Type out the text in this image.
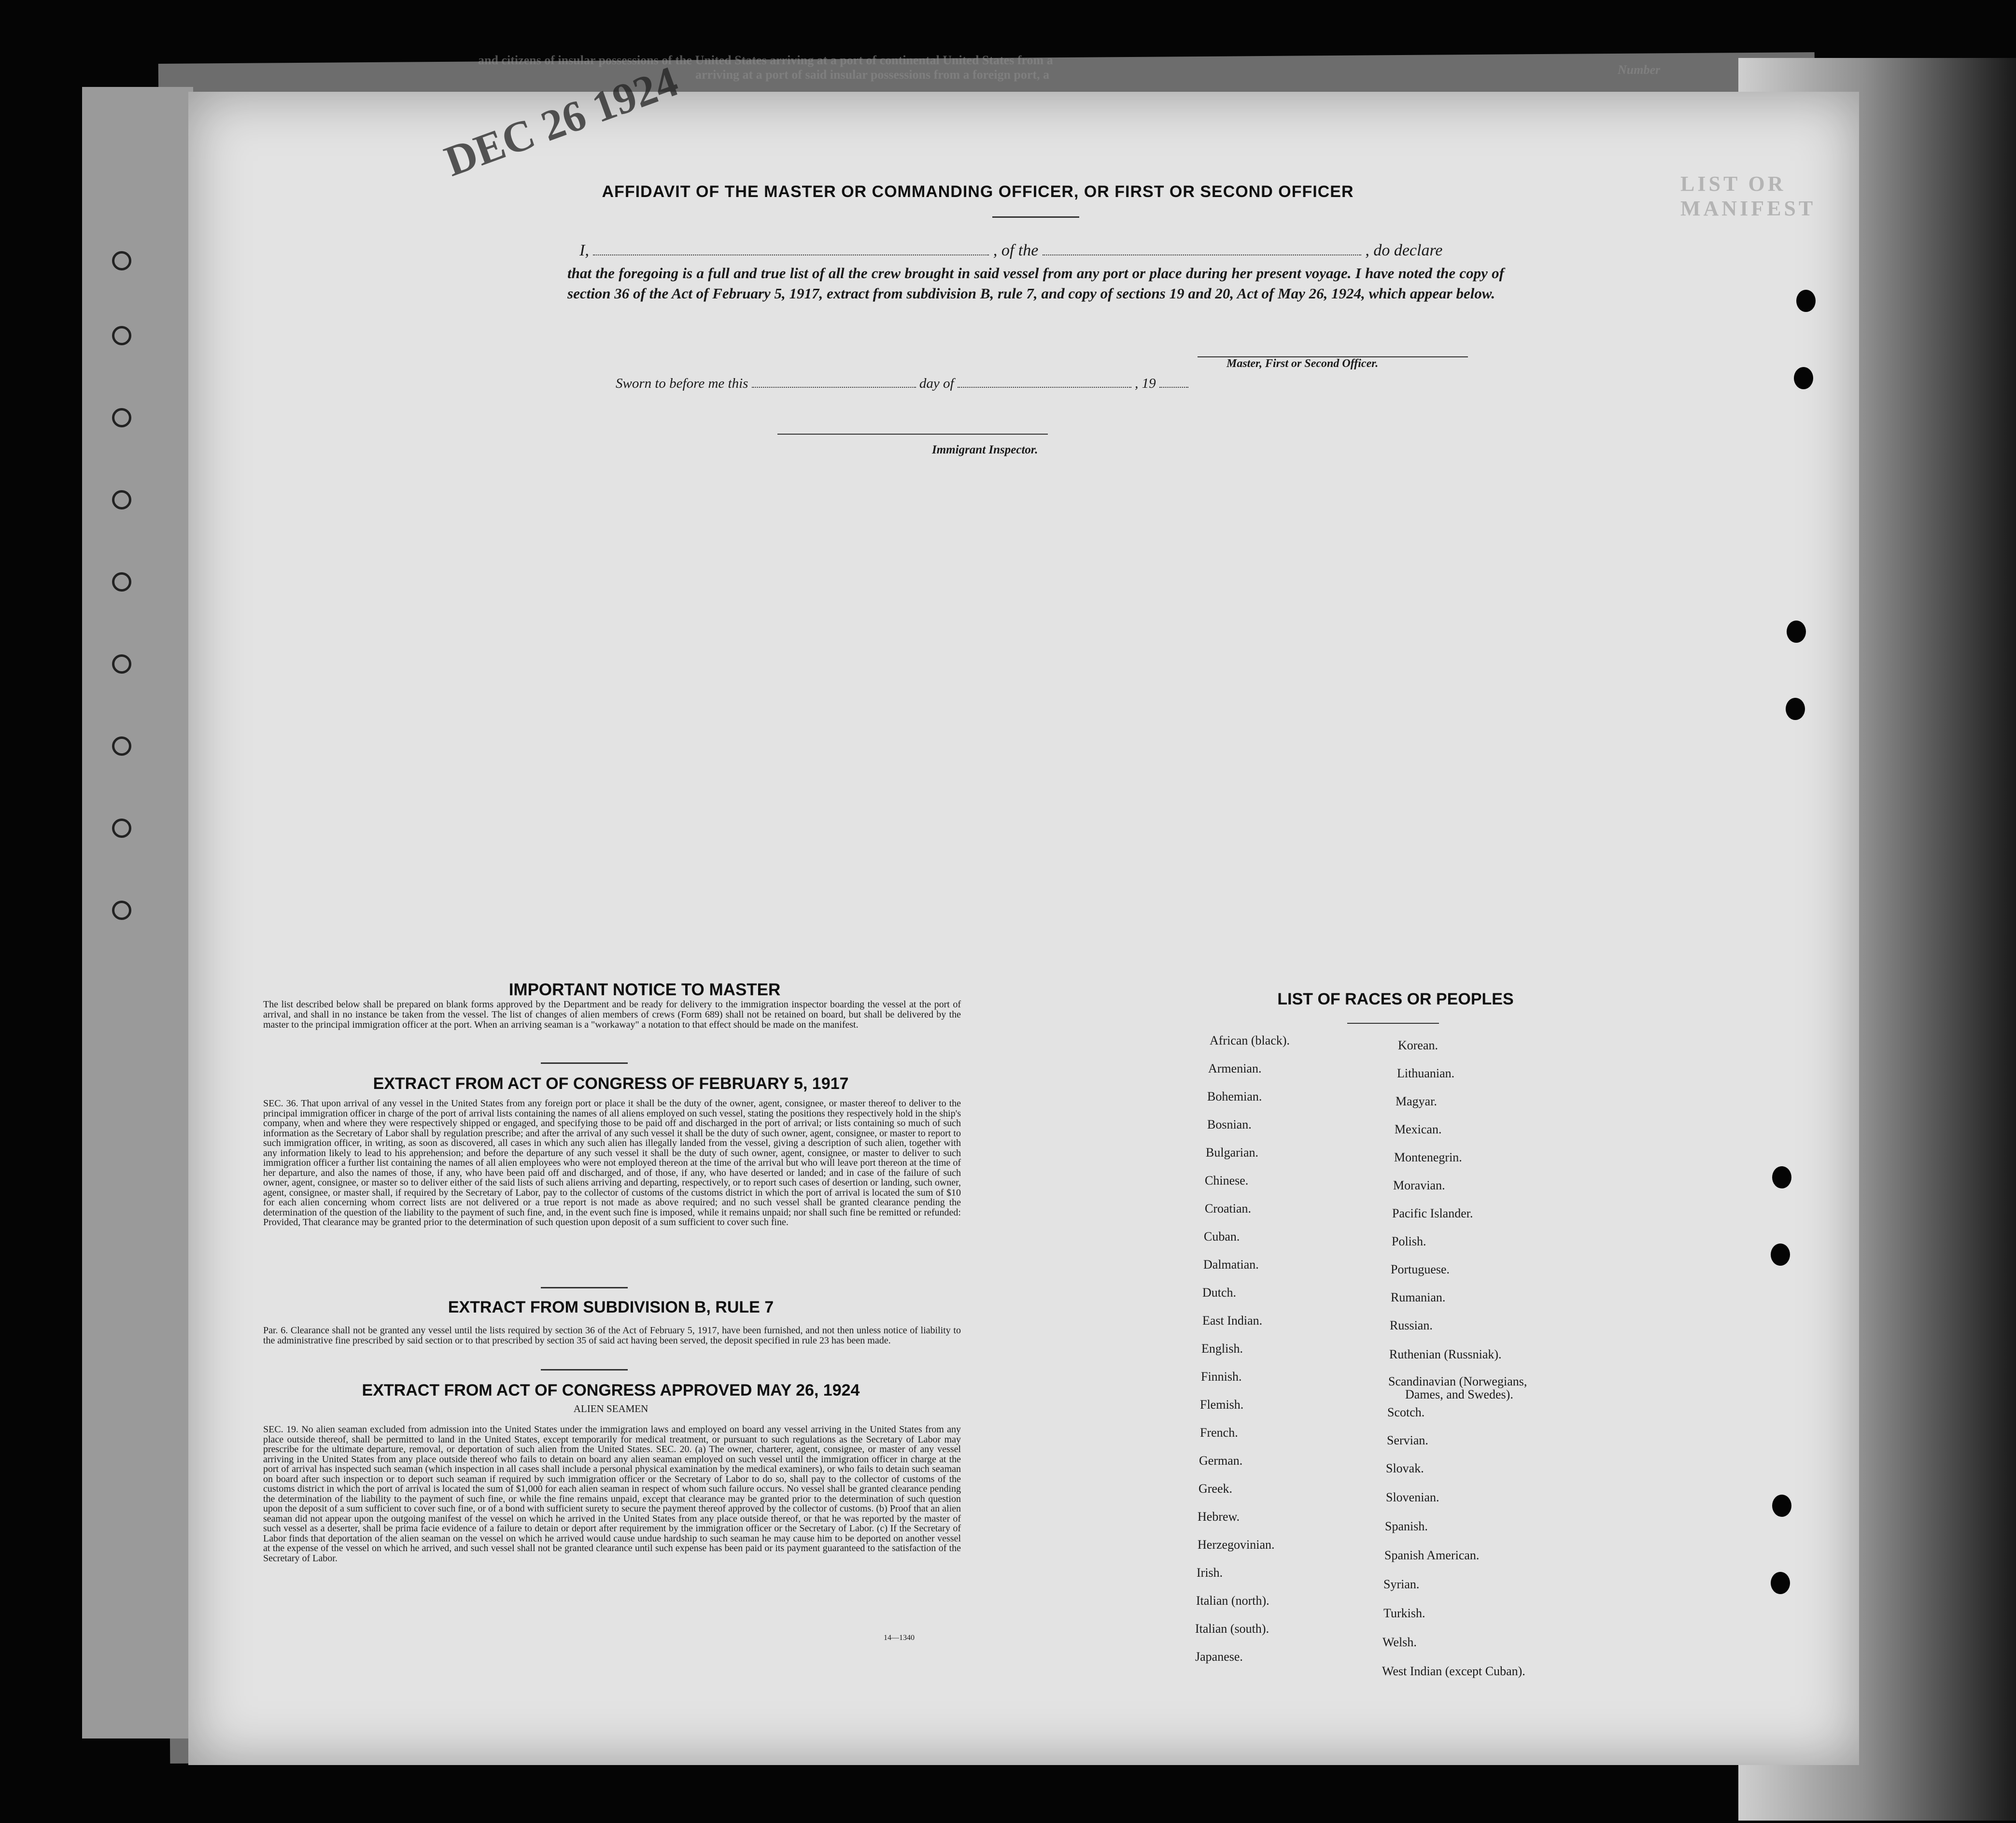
and citizens of insular possessions of the United States arriving at a port of continental United States from a
arriving at a port of said insular possessions from a foreign port, a	Number
LIST OR MANIFEST
DEC 26 1924
AFFIDAVIT OF THE MASTER OR COMMANDING OFFICER, OR FIRST OR SECOND OFFICER
I,	, of the	, do declare
that the foregoing is a full and true list of all the crew brought in said vessel from any port or place during her present voyage. I have noted the copy of section 36 of the Act of February 5, 1917, extract from subdivision B, rule 7, and copy of sections 19 and 20, Act of May 26, 1924, which appear below.
Master, First or Second Officer.
Sworn to before me this	day of	, 19
Immigrant Inspector.
IMPORTANT NOTICE TO MASTER
The list described below shall be prepared on blank forms approved by the Department and be ready for delivery to the immigration inspector boarding the vessel at the port of arrival, and shall in no instance be taken from the vessel. The list of changes of alien members of crews (Form 689) shall not be retained on board, but shall be delivered by the master to the principal immigration officer at the port. When an arriving seaman is a "workaway" a notation to that effect should be made on the manifest.
EXTRACT FROM ACT OF CONGRESS OF FEBRUARY 5, 1917
SEC. 36. That upon arrival of any vessel in the United States from any foreign port or place it shall be the duty of the owner, agent, consignee, or master thereof to deliver to the principal immigration officer in charge of the port of arrival lists containing the names of all aliens employed on such vessel, stating the positions they respectively hold in the ship's company, when and where they were respectively shipped or engaged, and specifying those to be paid off and discharged in the port of arrival; or lists containing so much of such information as the Secretary of Labor shall by regulation prescribe; and after the arrival of any such vessel it shall be the duty of such owner, agent, consignee, or master to report to such immigration officer, in writing, as soon as discovered, all cases in which any such alien has illegally landed from the vessel, giving a description of such alien, together with any information likely to lead to his apprehension; and before the departure of any such vessel it shall be the duty of such owner, agent, consignee, or master to deliver to such immigration officer a further list containing the names of all alien employees who were not employed thereon at the time of the arrival but who will leave port thereon at the time of her departure, and also the names of those, if any, who have been paid off and discharged, and of those, if any, who have deserted or landed; and in case of the failure of such owner, agent, consignee, or master so to deliver either of the said lists of such aliens arriving and departing, respectively, or to report such cases of desertion or landing, such owner, agent, consignee, or master shall, if required by the Secretary of Labor, pay to the collector of customs of the customs district in which the port of arrival is located the sum of $10 for each alien concerning whom correct lists are not delivered or a true report is not made as above required; and no such vessel shall be granted clearance pending the determination of the question of the liability to the payment of such fine, and, in the event such fine is imposed, while it remains unpaid; nor shall such fine be remitted or refunded: Provided, That clearance may be granted prior to the determination of such question upon deposit of a sum sufficient to cover such fine.
EXTRACT FROM SUBDIVISION B, RULE 7
Par. 6. Clearance shall not be granted any vessel until the lists required by section 36 of the Act of February 5, 1917, have been furnished, and not then unless notice of liability to the administrative fine prescribed by said section or to that prescribed by section 35 of said act having been served, the deposit specified in rule 23 has been made.
EXTRACT FROM ACT OF CONGRESS APPROVED MAY 26, 1924
ALIEN SEAMEN
SEC. 19. No alien seaman excluded from admission into the United States under the immigration laws and employed on board any vessel arriving in the United States from any place outside thereof, shall be permitted to land in the United States, except temporarily for medical treatment, or pursuant to such regulations as the Secretary of Labor may prescribe for the ultimate departure, removal, or deportation of such alien from the United States. SEC. 20. (a) The owner, charterer, agent, consignee, or master of any vessel arriving in the United States from any place outside thereof who fails to detain on board any alien seaman employed on such vessel until the immigration officer in charge at the port of arrival has inspected such seaman (which inspection in all cases shall include a personal physical examination by the medical examiners), or who fails to detain such seaman on board after such inspection or to deport such seaman if required by such immigration officer or the Secretary of Labor to do so, shall pay to the collector of customs of the customs district in which the port of arrival is located the sum of $1,000 for each alien seaman in respect of whom such failure occurs. No vessel shall be granted clearance pending the determination of the liability to the payment of such fine, or while the fine remains unpaid, except that clearance may be granted prior to the determination of such question upon the deposit of a sum sufficient to cover such fine, or of a bond with sufficient surety to secure the payment thereof approved by the collector of customs. (b) Proof that an alien seaman did not appear upon the outgoing manifest of the vessel on which he arrived in the United States from any place outside thereof, or that he was reported by the master of such vessel as a deserter, shall be prima facie evidence of a failure to detain or deport after requirement by the immigration officer or the Secretary of Labor. (c) If the Secretary of Labor finds that deportation of the alien seaman on the vessel on which he arrived would cause undue hardship to such seaman he may cause him to be deported on another vessel at the expense of the vessel on which he arrived, and such vessel shall not be granted clearance until such expense has been paid or its payment guaranteed to the satisfaction of the Secretary of Labor.
14—1340
LIST OF RACES OR PEOPLES
African (black).
Armenian.
Bohemian.
Bosnian.
Bulgarian.
Chinese.
Croatian.
Cuban.
Dalmatian.
Dutch.
East Indian.
English.
Finnish.
Flemish.
French.
German.
Greek.
Hebrew.
Herzegovinian.
Irish.
Italian (north).
Italian (south).
Japanese.
Korean.
Lithuanian.
Magyar.
Mexican.
Montenegrin.
Moravian.
Pacific Islander.
Polish.
Portuguese.
Rumanian.
Russian.
Ruthenian (Russniak).
Scandinavian (Norwegians,
Dames, and Swedes).
Scotch.
Servian.
Slovak.
Slovenian.
Spanish.
Spanish American.
Syrian.
Turkish.
Welsh.
West Indian (except Cuban).
